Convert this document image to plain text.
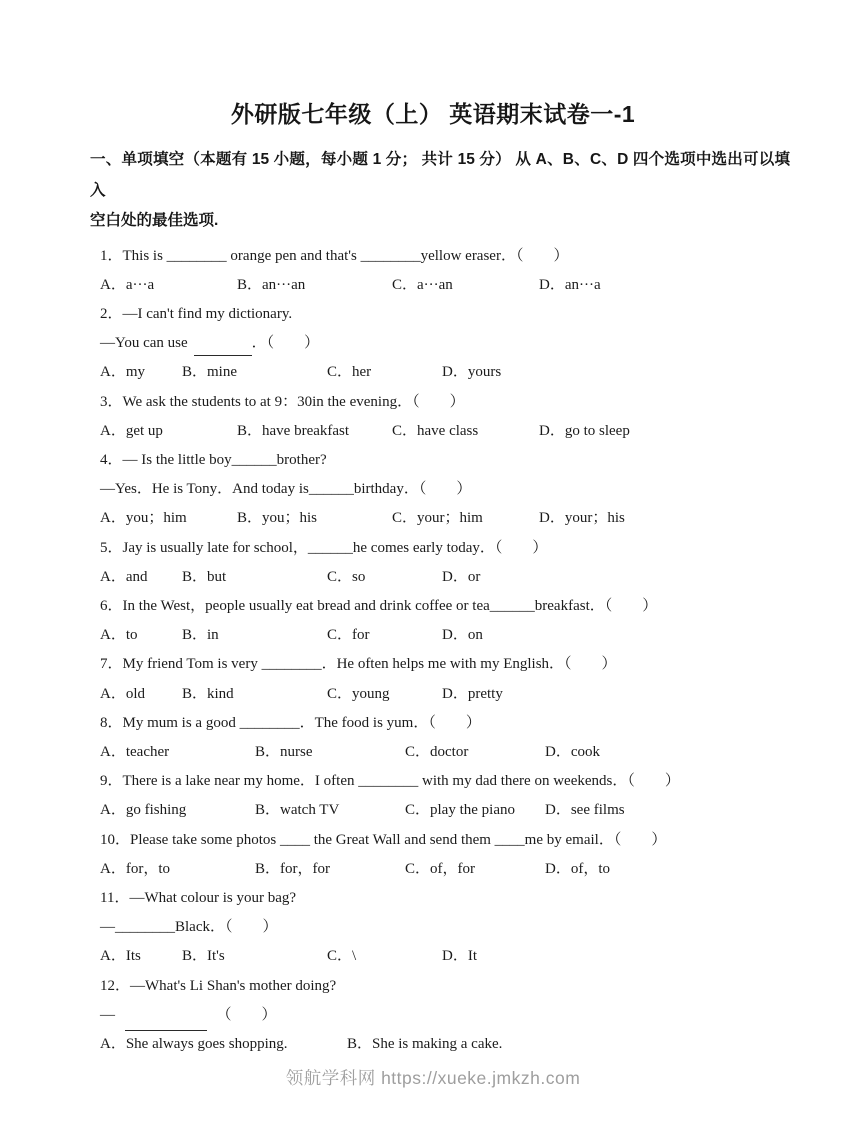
外研版七年级（上） 英语期末试卷一-1
一、单项填空（本题有 15 小题，每小题 1 分； 共计 15 分） 从 A、B、C、D 四个选项中选出可以填入
空白处的最佳选项.
1．This is ________ orange pen and that's ________yellow eraser．（　　）
A．a···a	B．an···an	C．a···an	D．an···a
2．—I can't find my dictionary.
—You can use	．（　　）
A．my	B．mine	C．her	D．yours
3．We ask the students to at 9：30in the evening．（　　）
A．get up	B．have breakfast	C．have class	D．go to sleep
4．— Is the little boy______brother?
—Yes．He is Tony．And today is______birthday．（　　）
A．you；him	B．you；his	C．your；him	D．your；his
5．Jay is usually late for school，______he comes early today．（　　）
A．and	B．but	C．so	D．or
6．In the West，people usually eat bread and drink coffee or tea______breakfast．（　　）
A．to	B．in	C．for	D．on
7．My friend Tom is very ________．He often helps me with my English．（　　）
A．old	B．kind	C．young	D．pretty
8．My mum is a good ________．The food is yum．（　　）
A．teacher	B．nurse	C．doctor	D．cook
9．There is a lake near my home．I often ________ with my dad there on weekends．（　　）
A．go fishing	B．watch TV	C．play the piano	D．see films
10．Please take some photos ____ the Great Wall and send them ____me by email．（　　）
A．for，to	B．for，for	C．of，for	D．of，to
11．—What colour is your bag?
—________Black．（　　）
A．Its	B．It's	C．\	D．It
12．—What's Li Shan's mother doing?
—	（　　）
A．She always goes shopping.	B．She is making a cake.
领航学科网 https://xueke.jmkzh.com
